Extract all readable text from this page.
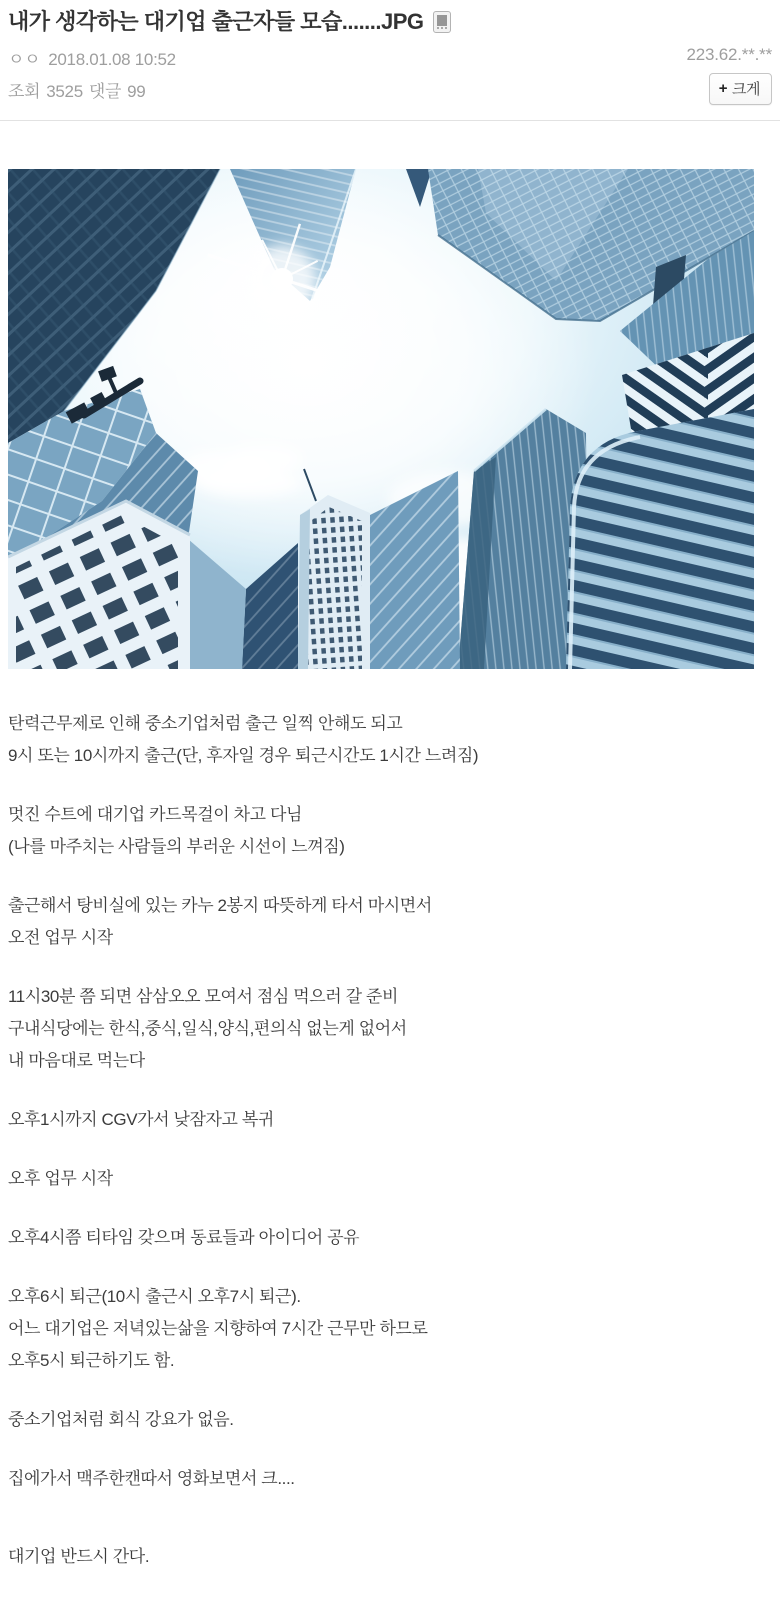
내가 생각하는 대기업 출근자들 모습.......JPG
ㅇㅇ 2018.01.08 10:52
조회 3525 댓글 99
223.62.**.**
+ 크게
탄력근무제로 인해 중소기업처럼 출근 일찍 안해도 되고
9시 또는 10시까지 출근(단, 후자일 경우 퇴근시간도 1시간 느려짐)
멋진 수트에 대기업 카드목걸이 차고 다님
(나를 마주치는 사람들의 부러운 시선이 느껴짐)
출근해서 탕비실에 있는 카누 2봉지 따뜻하게 타서 마시면서
오전 업무 시작
11시30분 쯤 되면 삼삼오오 모여서 점심 먹으러 갈 준비
구내식당에는 한식,중식,일식,양식,편의식 없는게 없어서
내 마음대로 먹는다
오후1시까지 CGV가서 낮잠자고 복귀
오후 업무 시작
오후4시쯤 티타임 갖으며 동료들과 아이디어 공유
오후6시 퇴근(10시 출근시 오후7시 퇴근).
어느 대기업은 저녁있는삶을 지향하여 7시간 근무만 하므로
오후5시 퇴근하기도 함.
중소기업처럼 회식 강요가 없음.
집에가서 맥주한캔따서 영화보면서 크....
대기업 반드시 간다.
